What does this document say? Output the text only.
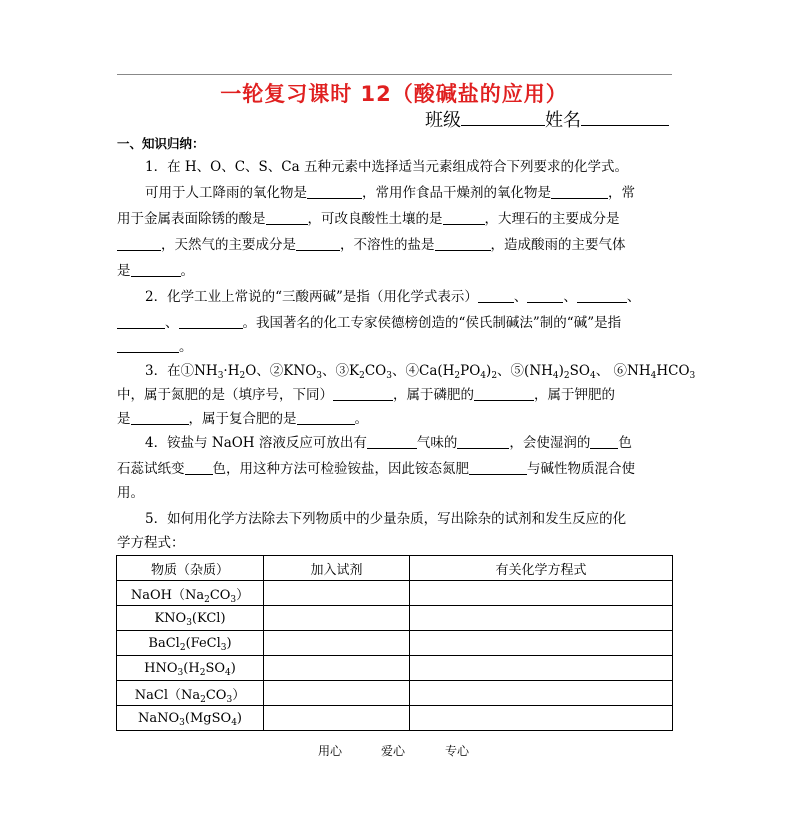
一轮复习课时 12（酸碱盐的应用）
班级	姓名
一、知识归纳：
1．在 H、O、C、S、Ca 五种元素中选择适当元素组成符合下列要求的化学式。
可用于人工降雨的氧化物是	，常用作食品干燥剂的氧化物是	，常
用于金属表面除锈的酸是	，可改良酸性土壤的是	，大理石的主要成分是
，天然气的主要成分是	，不溶性的盐是	，造成酸雨的主要气体
是	。
2．化学工业上常说的“三酸两碱”是指（用化学式表示）	、	、	、
、	。我国著名的化工专家侯德榜创造的“侯氏制碱法”制的“碱”是指
。
3．在$①NH_3\cdot H_2O$、$②KNO_3$、$③K_2CO_3$、$④Ca(H_2PO_4)_2$、$⑤(NH_4)_2SO_4$、 $⑥NH_4HCO_3$
中，属于氮肥的是（填序号，下同）	，属于磷肥的	，属于钾肥的
是	，属于复合肥的是	。
4．铵盐与 NaOH 溶液反应可放出有	气味的	，会使湿润的 色
石蕊试纸变 色，用这种方法可检验铵盐，因此铵态氮肥	与碱性物质混合使
用。
5．如何用化学方法除去下列物质中的少量杂质，写出除杂的试剂和发生反应的化
学方程式：
物质（杂质）	加入试剂	有关化学方程式
$NaOH(Na_2CO_3)$		
$KNO_3(KCl)$		
BaCl$_2$(FeCl$_3$)		
$HNO_3(H_2SO_4)$		
$NaCl(Na_2CO_3)$		
NaNO$_3$(MgSO$_4$)		
用心	爱心	专心
